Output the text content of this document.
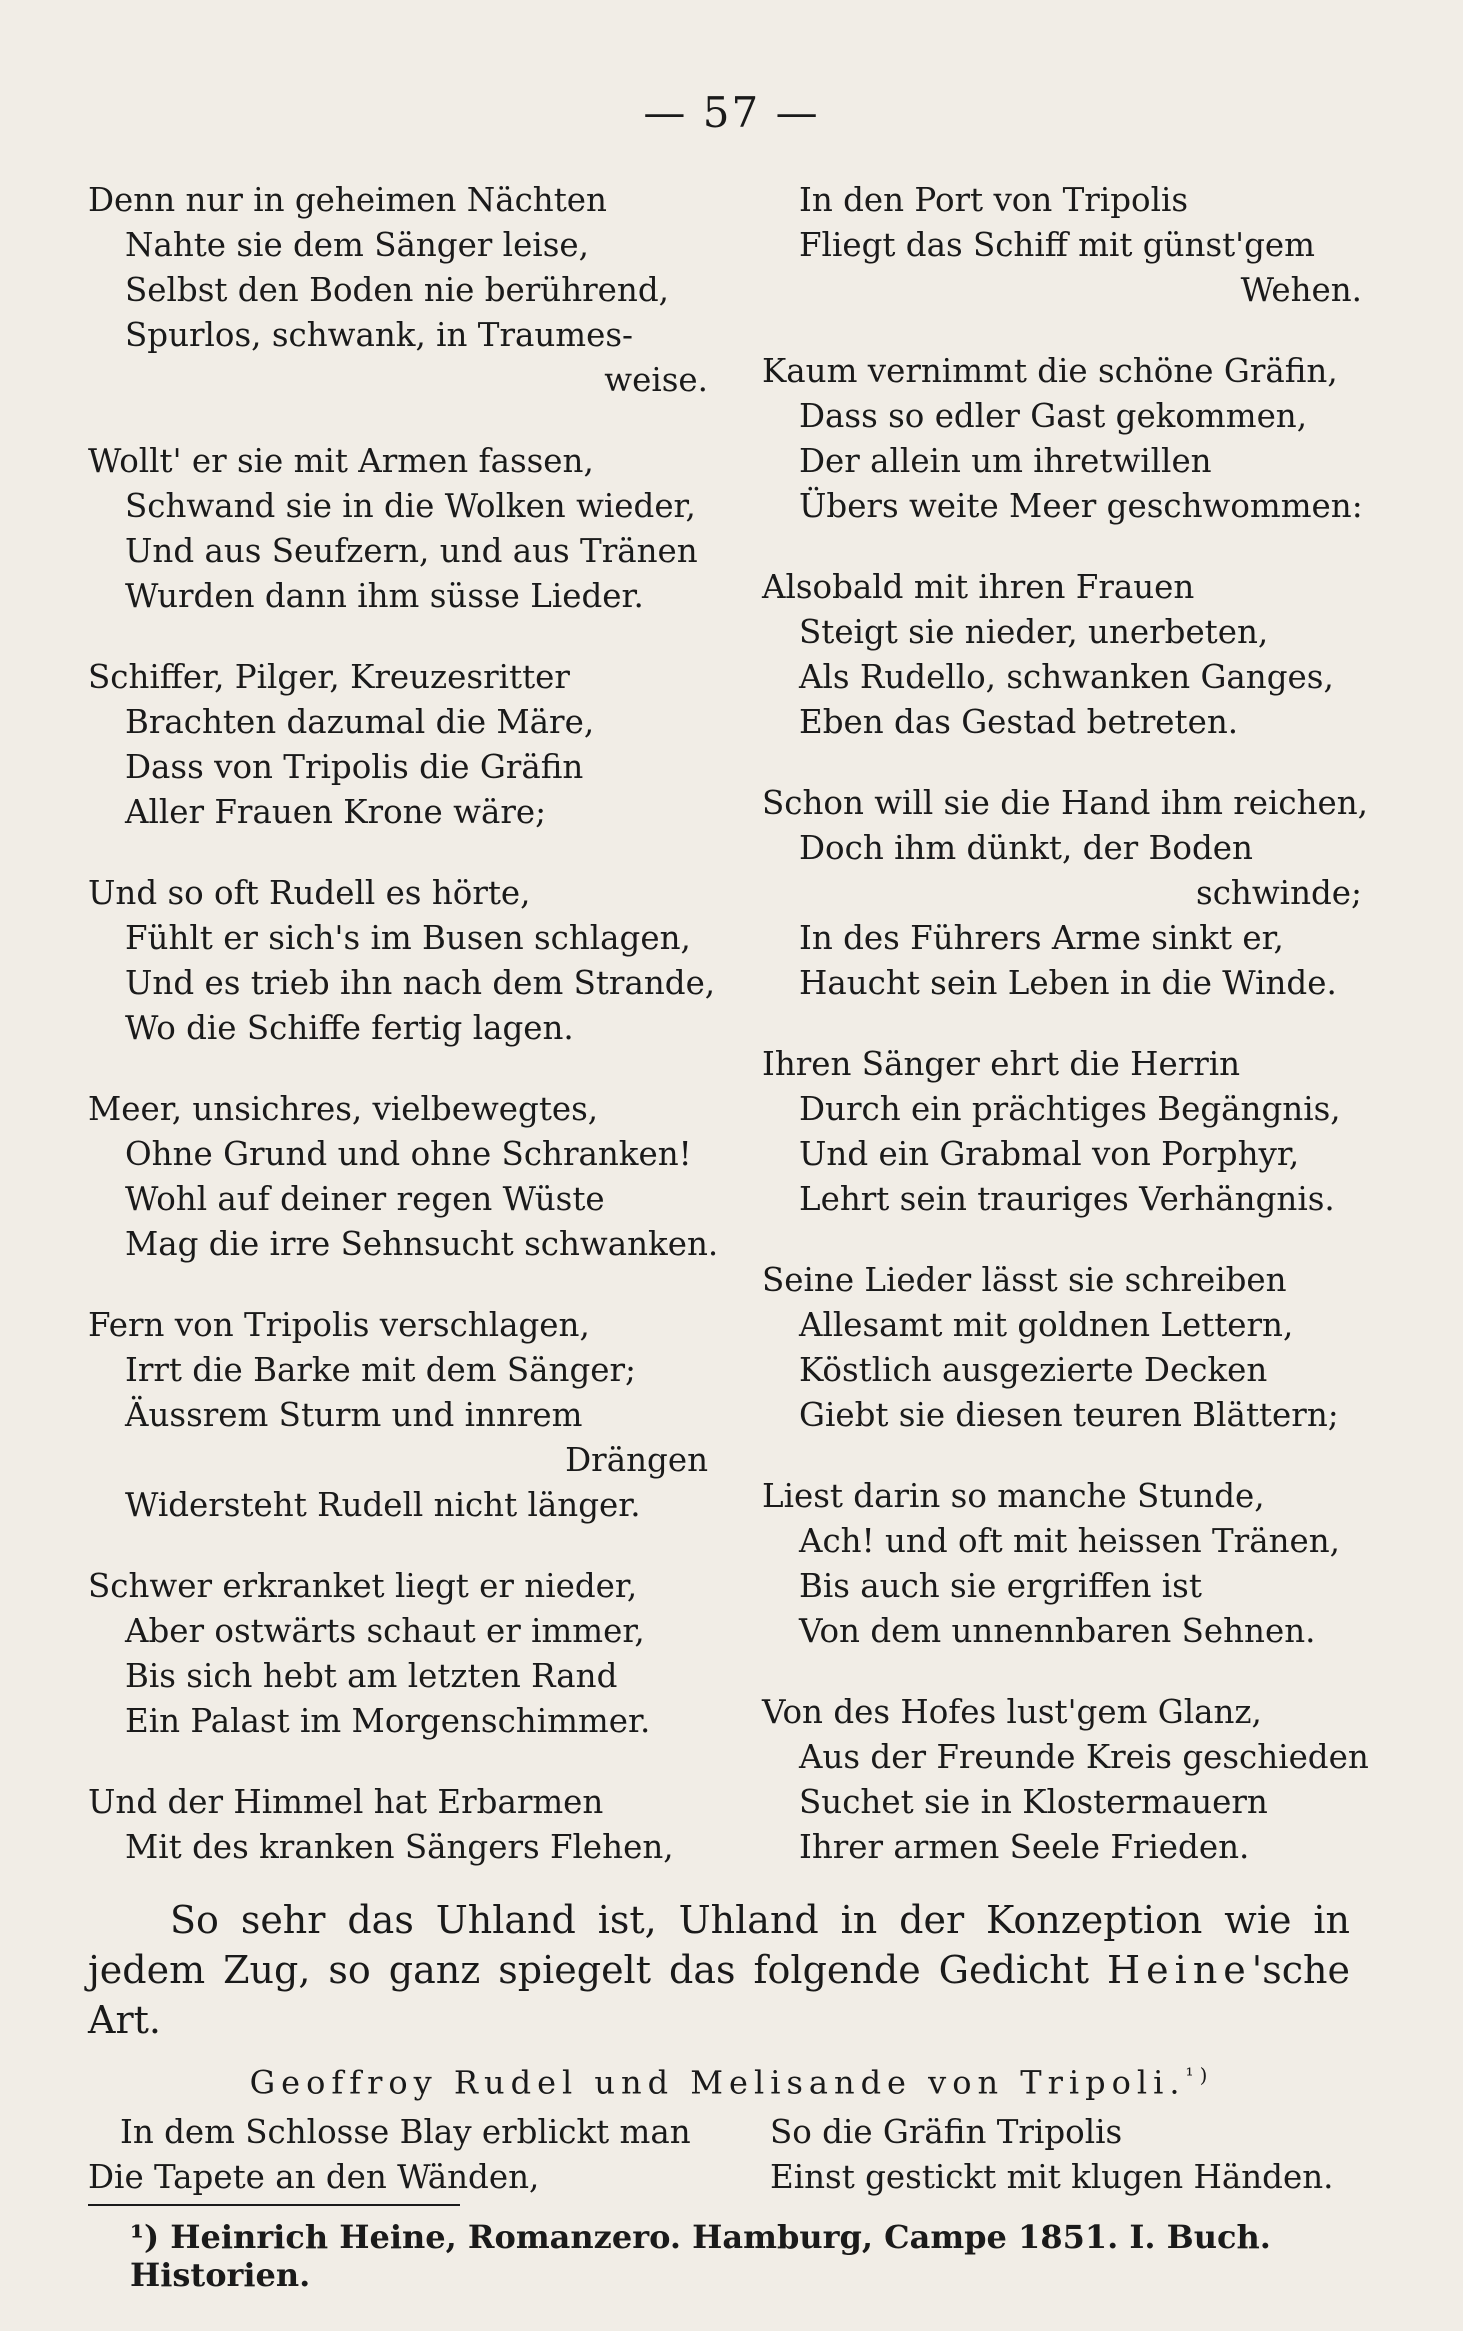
— 57 —
Denn nur in geheimen Nächten
Nahte sie dem Sänger leise,
Selbst den Boden nie berührend,
Spurlos, schwank, in Traumes-
weise.
Wollt' er sie mit Armen fassen,
Schwand sie in die Wolken wieder,
Und aus Seufzern, und aus Tränen
Wurden dann ihm süsse Lieder.
Schiffer, Pilger, Kreuzesritter
Brachten dazumal die Märe,
Dass von Tripolis die Gräfin
Aller Frauen Krone wäre;
Und so oft Rudell es hörte,
Fühlt er sich's im Busen schlagen,
Und es trieb ihn nach dem Strande,
Wo die Schiffe fertig lagen.
Meer, unsichres, vielbewegtes,
Ohne Grund und ohne Schranken!
Wohl auf deiner regen Wüste
Mag die irre Sehnsucht schwanken.
Fern von Tripolis verschlagen,
Irrt die Barke mit dem Sänger;
Äussrem Sturm und innrem
Drängen
Widersteht Rudell nicht länger.
Schwer erkranket liegt er nieder,
Aber ostwärts schaut er immer,
Bis sich hebt am letzten Rand
Ein Palast im Morgenschimmer.
Und der Himmel hat Erbarmen
Mit des kranken Sängers Flehen,
In den Port von Tripolis
Fliegt das Schiff mit günst'gem
Wehen.
Kaum vernimmt die schöne Gräfin,
Dass so edler Gast gekommen,
Der allein um ihretwillen
Übers weite Meer geschwommen:
Alsobald mit ihren Frauen
Steigt sie nieder, unerbeten,
Als Rudello, schwanken Ganges,
Eben das Gestad betreten.
Schon will sie die Hand ihm reichen,
Doch ihm dünkt, der Boden
schwinde;
In des Führers Arme sinkt er,
Haucht sein Leben in die Winde.
Ihren Sänger ehrt die Herrin
Durch ein prächtiges Begängnis,
Und ein Grabmal von Porphyr,
Lehrt sein trauriges Verhängnis.
Seine Lieder lässt sie schreiben
Allesamt mit goldnen Lettern,
Köstlich ausgezierte Decken
Giebt sie diesen teuren Blättern;
Liest darin so manche Stunde,
Ach! und oft mit heissen Tränen,
Bis auch sie ergriffen ist
Von dem unnennbaren Sehnen.
Von des Hofes lust'gem Glanz,
Aus der Freunde Kreis geschieden
Suchet sie in Klostermauern
Ihrer armen Seele Frieden.
So sehr das Uhland ist, Uhland in der Konzeption wie in jedem Zug, so ganz spiegelt das folgende Gedicht Heine'sche Art.
Geoffroy Rudel und Melisande von Tripoli.$^{^1)}$
In dem Schlosse Blay erblickt man
Die Tapete an den Wänden,
So die Gräfin Tripolis
Einst gestickt mit klugen Händen.
¹) Heinrich Heine, Romanzero. Hamburg, Campe 1851. I. Buch. Historien.
